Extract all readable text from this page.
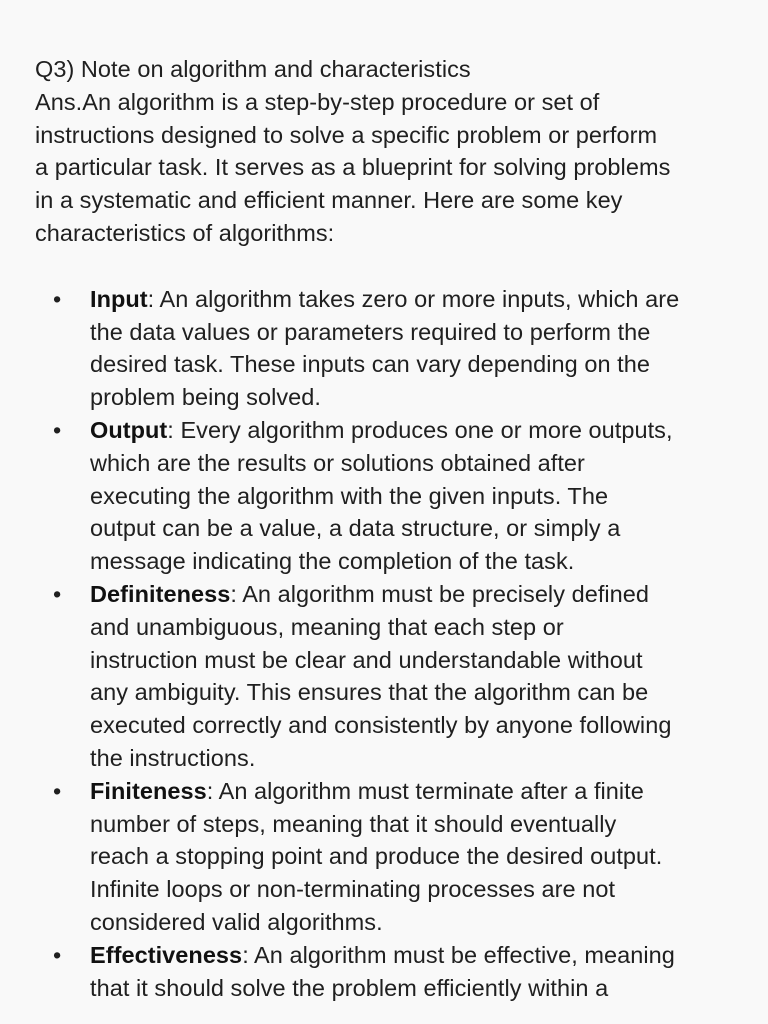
Q3) Note on algorithm and characteristics
Ans.An algorithm is a step-by-step procedure or set of
instructions designed to solve a specific problem or perform
a particular task. It serves as a blueprint for solving problems
in a systematic and efficient manner. Here are some key
characteristics of algorithms:
• Input: An algorithm takes zero or more inputs, which are
the data values or parameters required to perform the
desired task. These inputs can vary depending on the
problem being solved.
• Output: Every algorithm produces one or more outputs,
which are the results or solutions obtained after
executing the algorithm with the given inputs. The
output can be a value, a data structure, or simply a
message indicating the completion of the task.
• Definiteness: An algorithm must be precisely defined
and unambiguous, meaning that each step or
instruction must be clear and understandable without
any ambiguity. This ensures that the algorithm can be
executed correctly and consistently by anyone following
the instructions.
• Finiteness: An algorithm must terminate after a finite
number of steps, meaning that it should eventually
reach a stopping point and produce the desired output.
Infinite loops or non-terminating processes are not
considered valid algorithms.
• Effectiveness: An algorithm must be effective, meaning
that it should solve the problem efficiently within a
